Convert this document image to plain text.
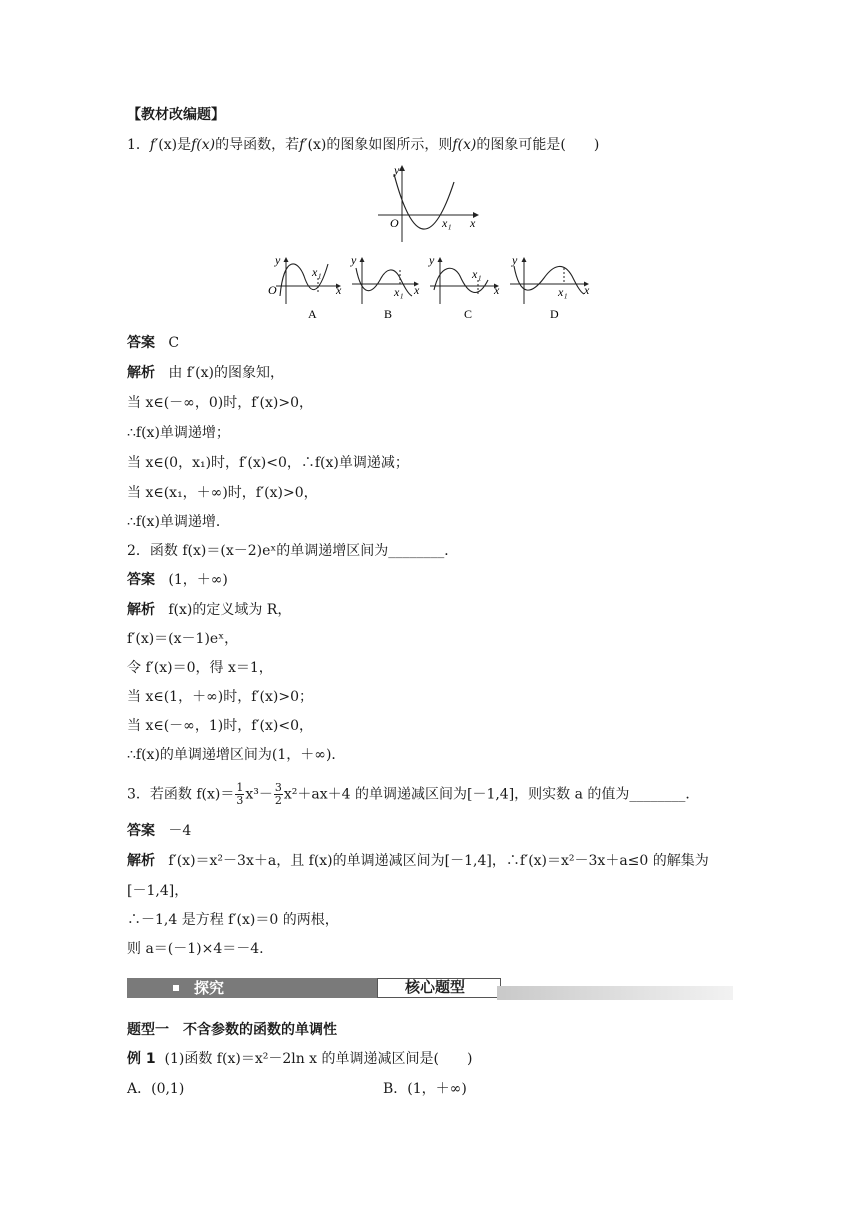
【教材改编题】
1．f′(x)是f(x)的导函数，若f′(x)的图象如图所示，则f(x)的图象可能是(　　)
y
O	x₁ x
y
O
x₁
x
y
x₁ x
y
x₁
x
y
x₁ x
A	B	C	D
答案 C
解析 由 f′(x)的图象知，
当 x∈(－∞，0)时，f′(x)>0，
∴f(x)单调递增；
当 x∈(0，x₁)时，f′(x)<0，∴f(x)单调递减；
当 x∈(x₁，＋∞)时，f′(x)>0，
∴f(x)单调递增．
2．函数 f(x)＝(x－2)eˣ的单调递增区间为________．
答案 (1，＋∞)
解析 f(x)的定义域为 R，
f′(x)＝(x－1)eˣ，
令 f′(x)＝0，得 x＝1，
当 x∈(1，＋∞)时，f′(x)>0；
当 x∈(－∞，1)时，f′(x)<0，
∴f(x)的单调递增区间为(1，＋∞)．
3．若函数 $f(x)= \frac{1}{3} x^3- \frac{3}{2} x^2+ax+4$ 的单调递减区间为[－1,4]，则实数 a 的值为________．
答案 －4
解析 f′(x)＝x²－3x＋a，且 f(x)的单调递减区间为[－1,4]，∴f′(x)＝x²－3x＋a≤0 的解集为
[－1,4]，
∴－1,4 是方程 f′(x)＝0 的两根，
则 a＝(－1)×4＝－4.
探究	核心题型
题型一　不含参数的函数的单调性
例 1 (1)函数 f(x)＝x²－2ln x 的单调递减区间是(　　)
A．(0,1)	B．(1，＋∞)
